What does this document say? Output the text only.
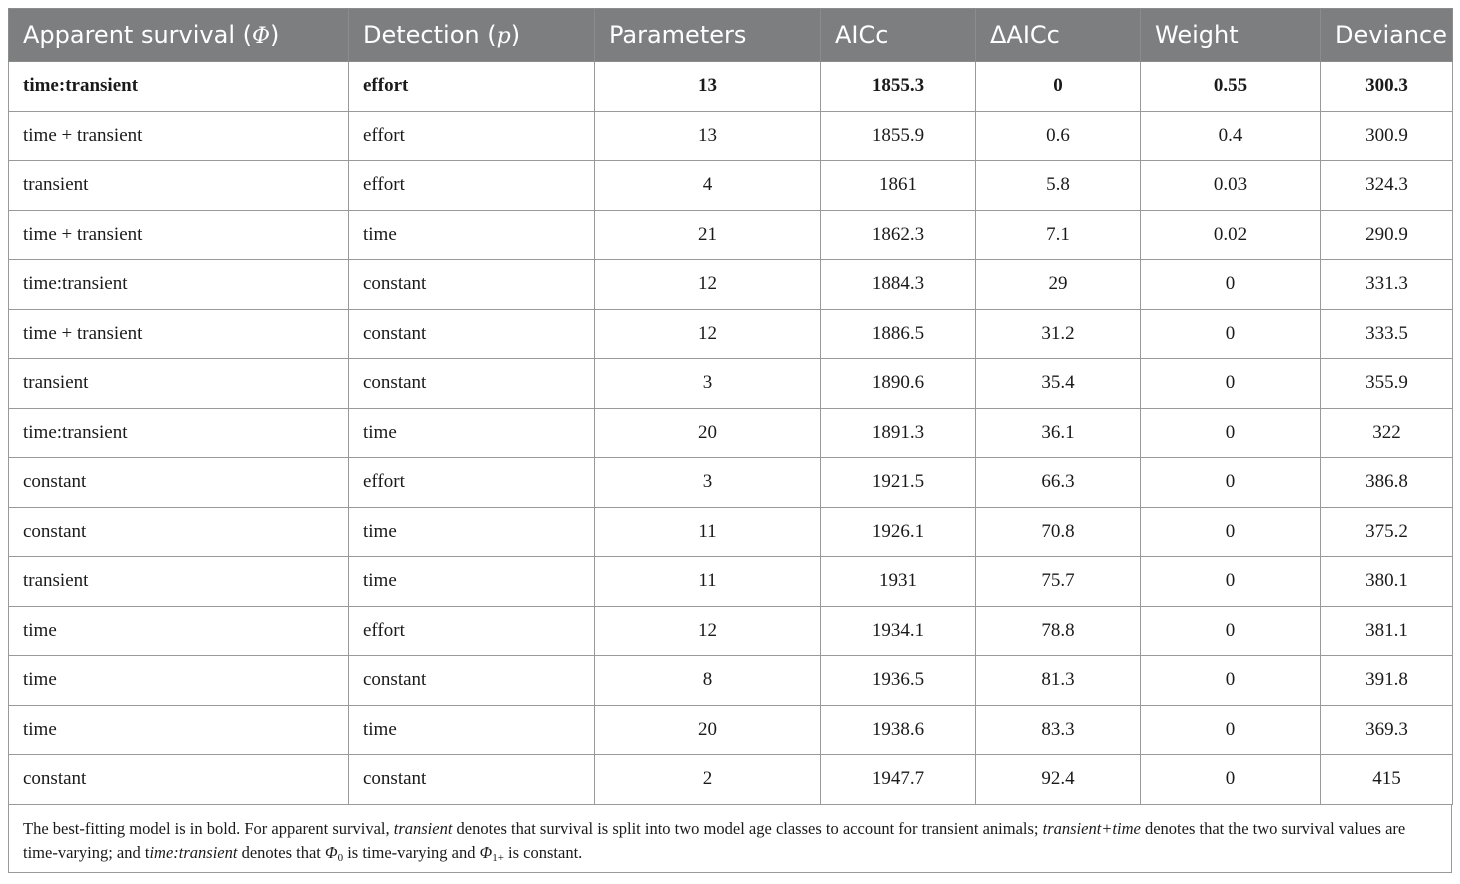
Apparent survival (Φ)	Detection (p)	Parameters	AICc	ΔAICc	Weight	Deviance
time:transient	effort	13	1855.3	0	0.55	300.3
time + transient	effort	13	1855.9	0.6	0.4	300.9
transient	effort	4	1861	5.8	0.03	324.3
time + transient	time	21	1862.3	7.1	0.02	290.9
time:transient	constant	12	1884.3	29	0	331.3
time + transient	constant	12	1886.5	31.2	0	333.5
transient	constant	3	1890.6	35.4	0	355.9
time:transient	time	20	1891.3	36.1	0	322
constant	effort	3	1921.5	66.3	0	386.8
constant	time	11	1926.1	70.8	0	375.2
transient	time	11	1931	75.7	0	380.1
time	effort	12	1934.1	78.8	0	381.1
time	constant	8	1936.5	81.3	0	391.8
time	time	20	1938.6	83.3	0	369.3
constant	constant	2	1947.7	92.4	0	415
The best-fitting model is in bold. For apparent survival, transient denotes that survival is split into two model age classes to account for transient animals; transient+time denotes that the two survival values are time-varying; and time:transient denotes that $\Phi_0$ is time-varying and $\Phi_{1+}$ is constant.
